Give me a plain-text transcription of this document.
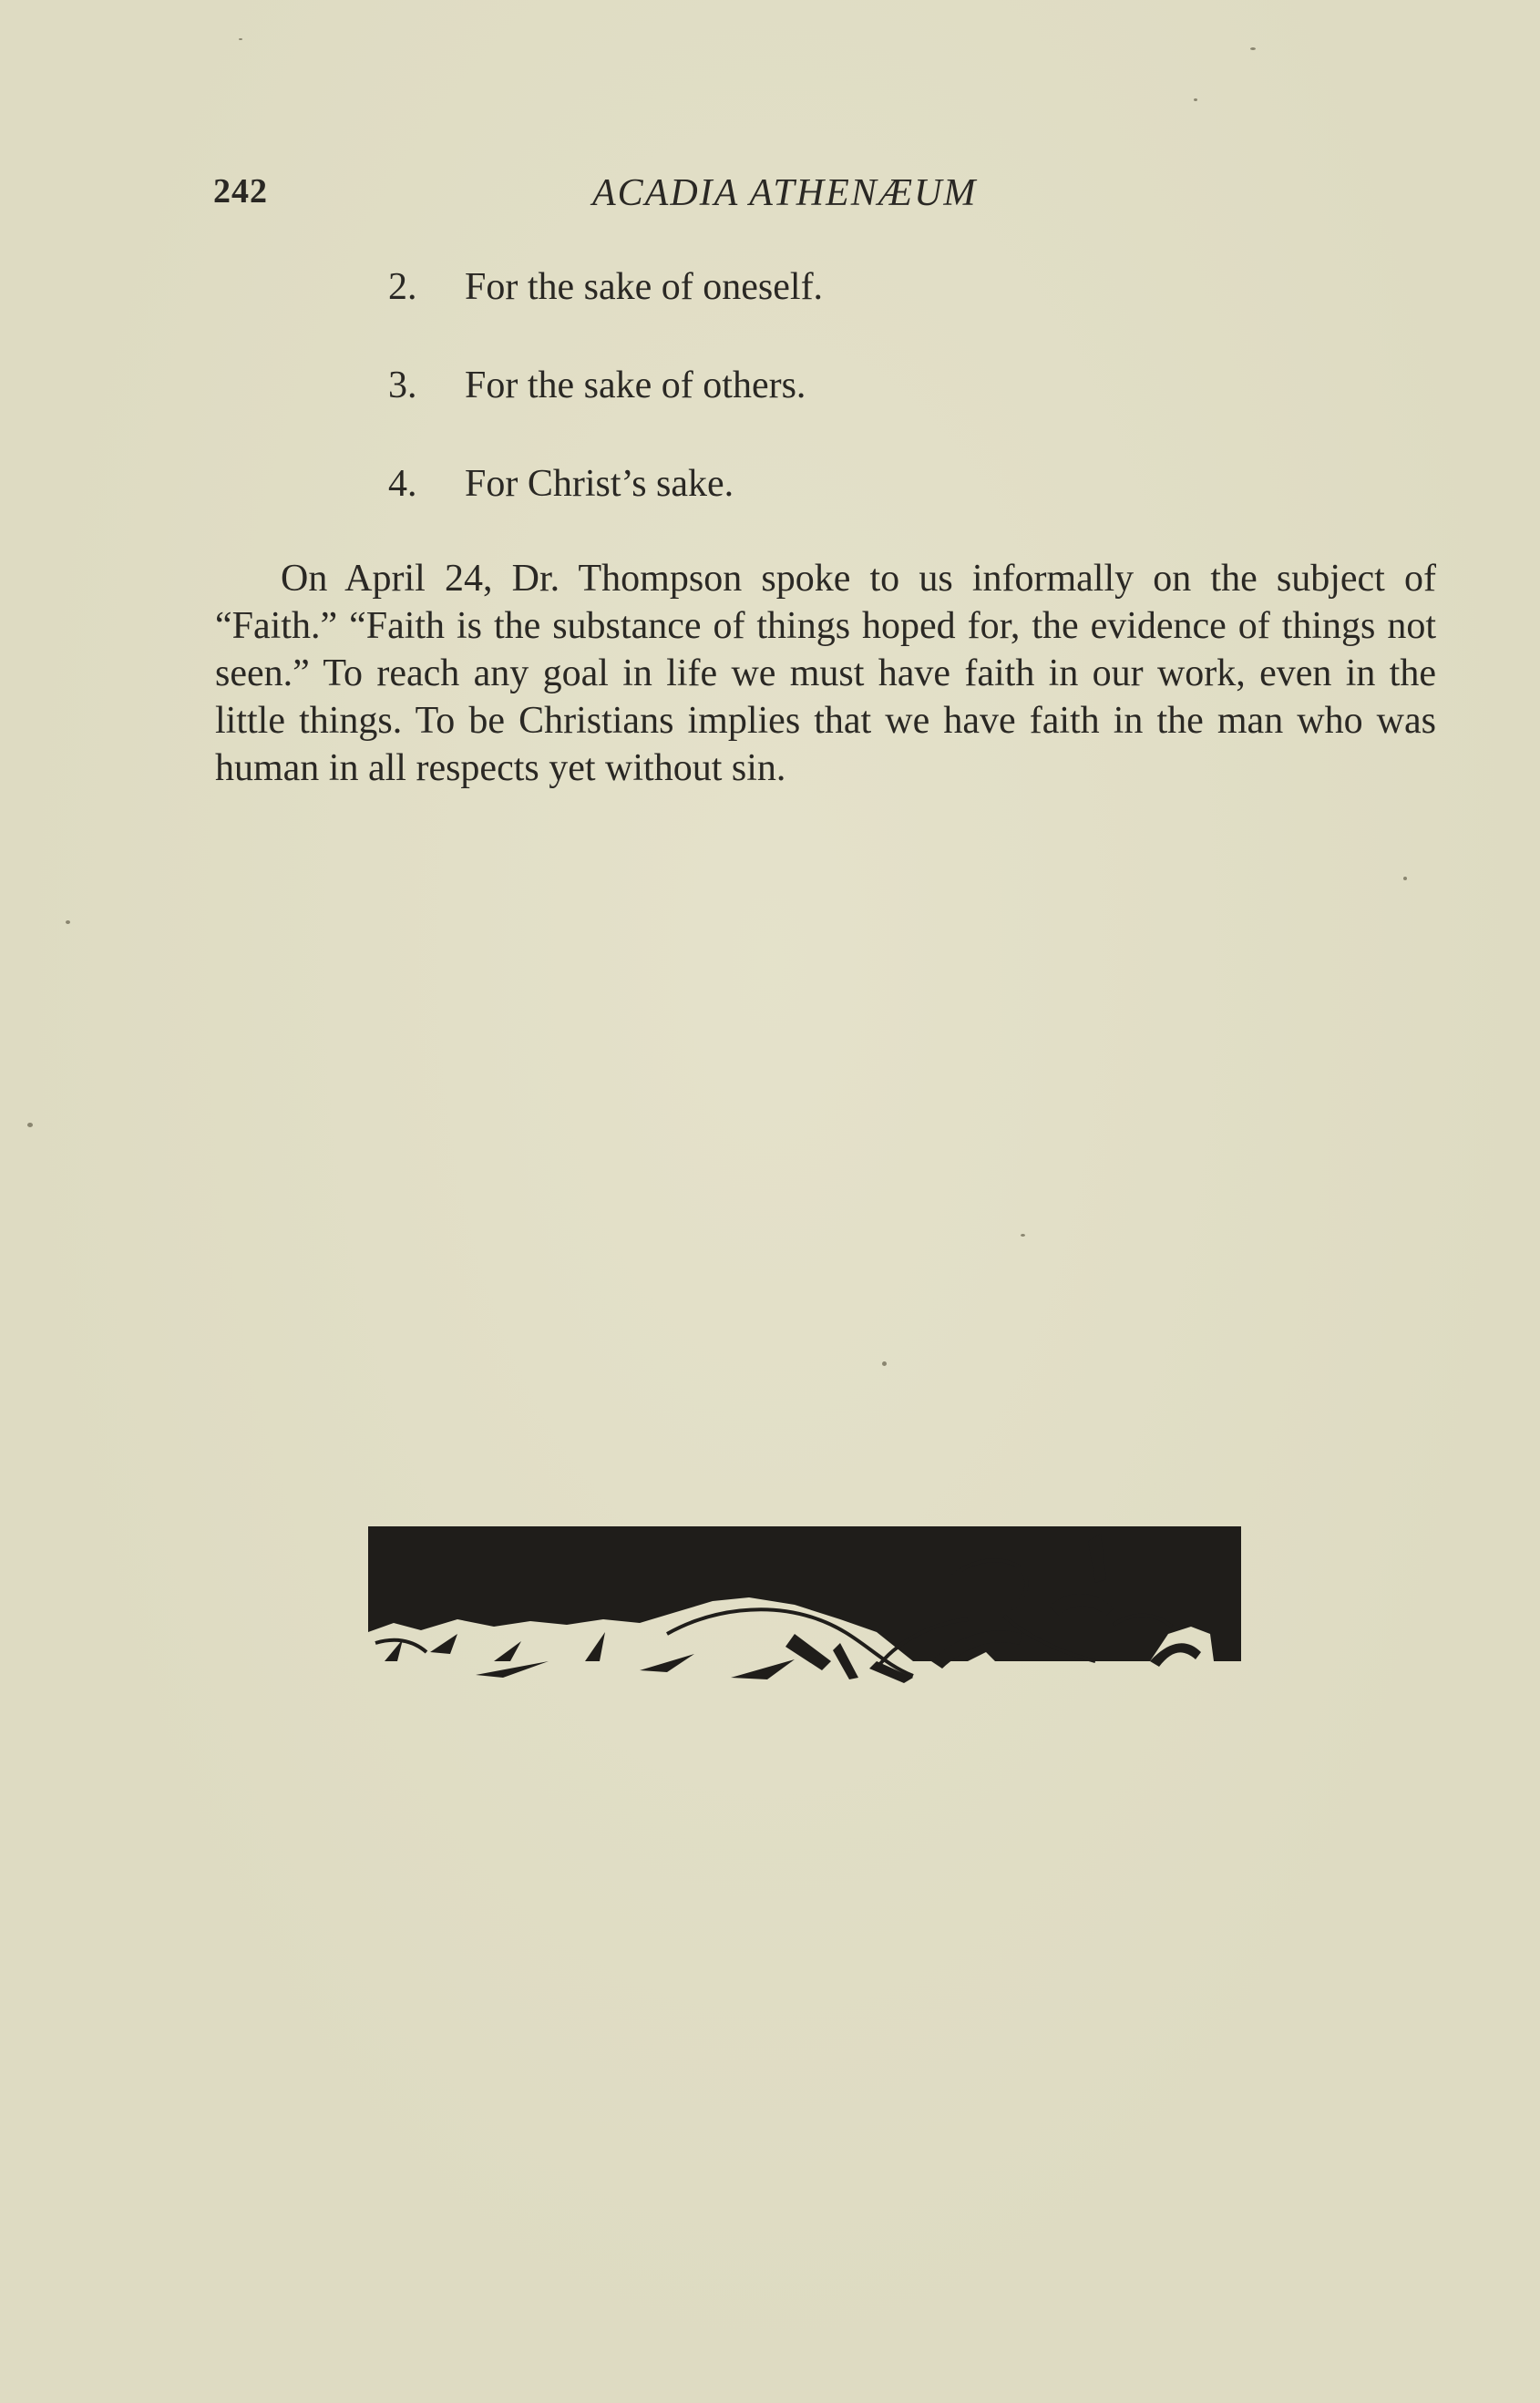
242	ACADIA ATHENÆUM
2. For the sake of oneself.
3. For the sake of others.
4. For Christ’s sake.

On April 24, Dr. Thompson spoke to us informally on the subject of “Faith.” “Faith is the substance of things hoped for, the evidence of things not seen.” To reach any goal in life we must have faith in our work, even in the little things. To be Christians implies that we have faith in the man who was human in all respects yet without sin.
